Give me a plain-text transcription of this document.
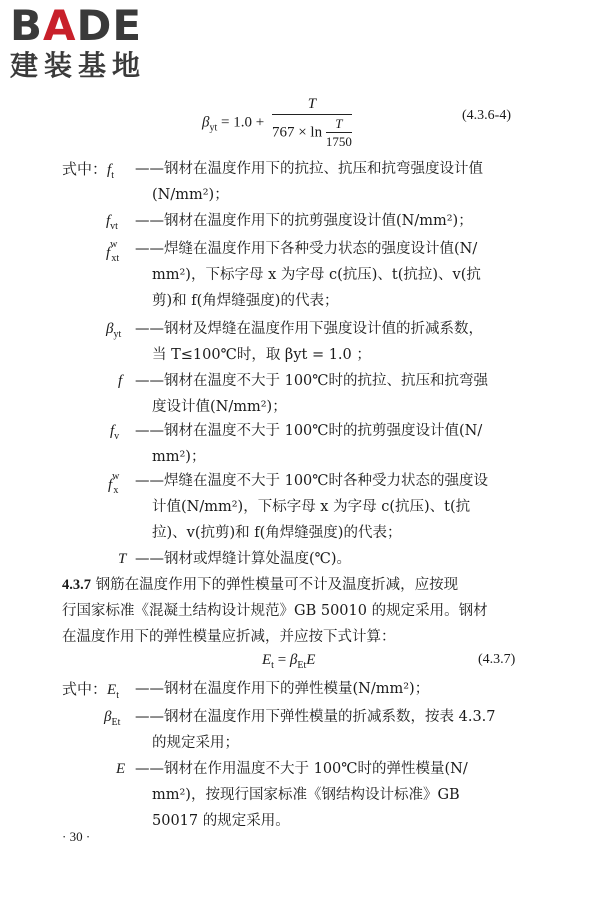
BADE
建装基地
$\beta_{yt} = 1.0 + \frac{T}{767 \times \ln \frac{T}{1750}}$	(4.3.6-4)
式中：$f_t$ ——钢材在温度作用下的抗拉、抗压和抗弯强度设计值
(N/mm²)；
$f_{vt}$ ——钢材在温度作用下的抗剪强度设计值(N/mm²)；
$f^w_{xt}$
——焊缝在温度作用下各种受力状态的强度设计值(N/
mm²)，下标字母 x 为字母 c(抗压)、t(抗拉)、v(抗
剪)和 f(角焊缝强度)的代表；
$\beta_{yt}$ ——钢材及焊缝在温度作用下强度设计值的折减系数，
当 T≤100℃时，取 βyt = 1.0 ；
f ——钢材在温度不大于 100℃时的抗拉、抗压和抗弯强
度设计值(N/mm²)；
$f_v$ ——钢材在温度不大于 100℃时的抗剪强度设计值(N/
mm²)；
$f^w_x$
——焊缝在温度不大于 100℃时各种受力状态的强度设
计值(N/mm²)，下标字母 x 为字母 c(抗压)、t(抗
拉)、v(抗剪)和 f(角焊缝强度)的代表；
T ——钢材或焊缝计算处温度(℃)。
4.3.7 钢筋在温度作用下的弹性模量可不计及温度折减，应按现
行国家标准《混凝土结构设计规范》GB 50010 的规定采用。钢材
在温度作用下的弹性模量应折减，并应按下式计算：
$E_t = \beta_{Et}E$	(4.3.7)
式中：$E_t$ ——钢材在温度作用下的弹性模量(N/mm²)；
$\beta_{Et}$ ——钢材在温度作用下弹性模量的折减系数，按表 4.3.7
的规定采用；
E ——钢材在作用温度不大于 100℃时的弹性模量(N/
mm²)，按现行国家标准《钢结构设计标准》GB
50017 的规定采用。
· 30 ·
